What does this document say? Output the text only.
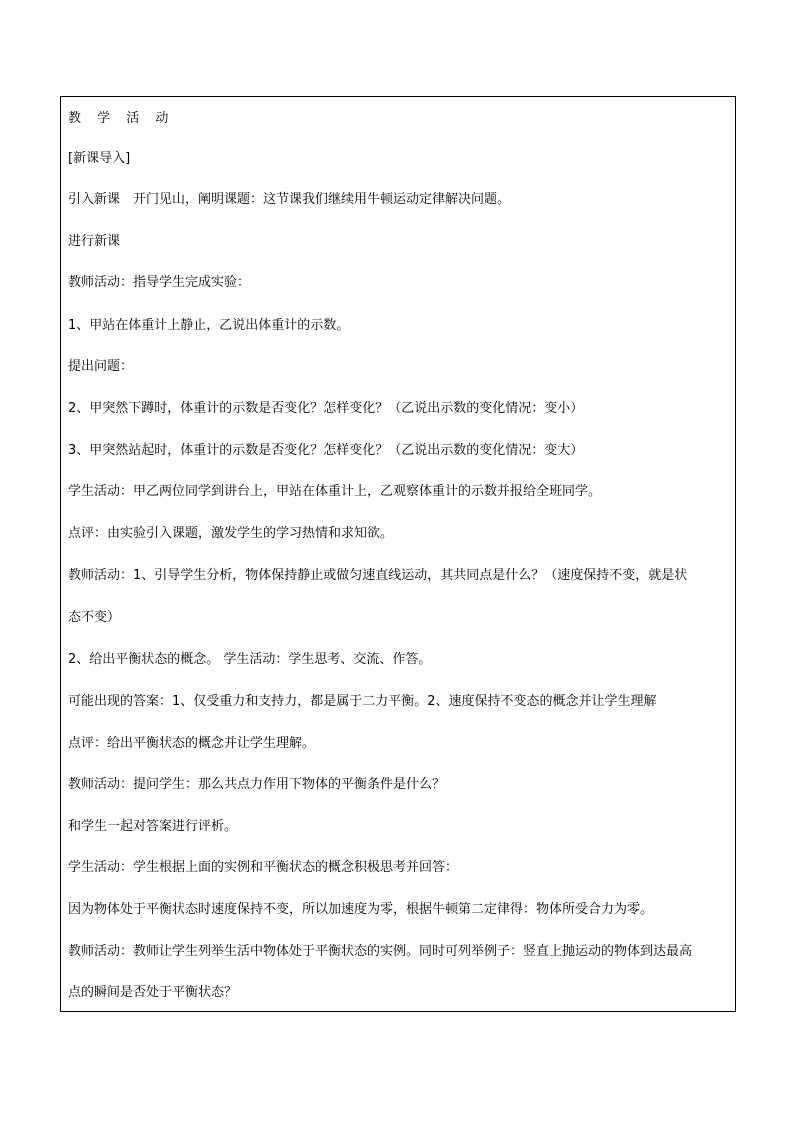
教 学 活 动
[新课导入]
引入新课　开门见山，阐明课题：这节课我们继续用牛顿运动定律解决问题。
进行新课
教师活动：指导学生完成实验：
1、甲站在体重计上静止，乙说出体重计的示数。
提出问题：
2、甲突然下蹲时，体重计的示数是否变化？怎样变化？（乙说出示数的变化情况：变小）
3、甲突然站起时，体重计的示数是否变化？怎样变化？（乙说出示数的变化情况：变大）
学生活动：甲乙两位同学到讲台上，甲站在体重计上，乙观察体重计的示数并报给全班同学。
点评：由实验引入课题，激发学生的学习热情和求知欲。
教师活动：1、引导学生分析，物体保持静止或做匀速直线运动，其共同点是什么？（速度保持不变，就是状
态不变）
2、给出平衡状态的概念。 学生活动：学生思考、交流、作答。
可能出现的答案：1、仅受重力和支持力，都是属于二力平衡。2、速度保持不变态的概念并让学生理解
点评：给出平衡状态的概念并让学生理解。
教师活动：提问学生：那么共点力作用下物体的平衡条件是什么？
和学生一起对答案进行评析。
学生活动：学生根据上面的实例和平衡状态的概念积极思考并回答：
因为物体处于平衡状态时速度保持不变，所以加速度为零，根据牛顿第二定律得：物体所受合力为零。
教师活动：教师让学生列举生活中物体处于平衡状态的实例。同时可列举例子：竖直上抛运动的物体到达最高
点的瞬间是否处于平衡状态？
